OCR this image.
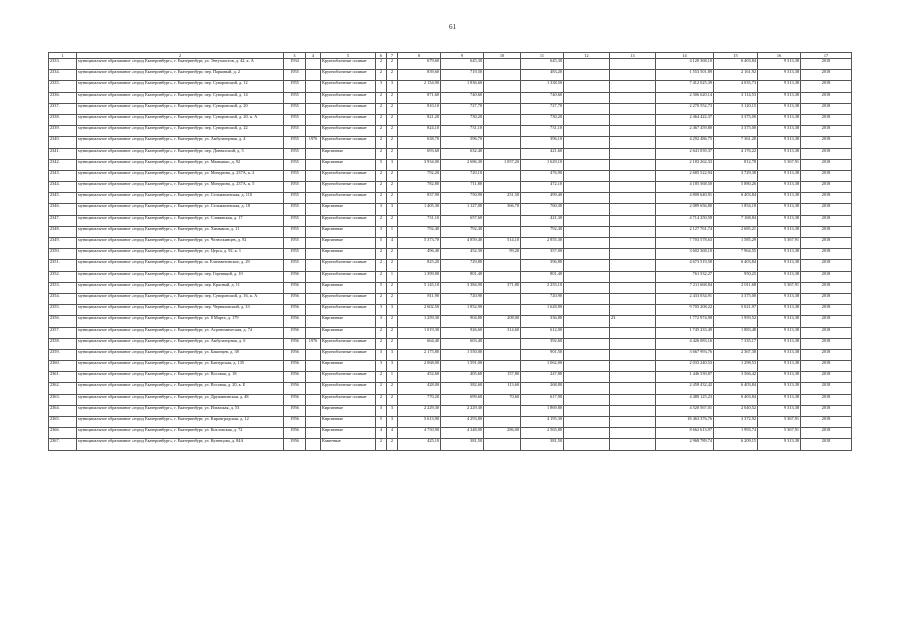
61
1	2	3	4	5	6	7	8	9	10	11	12	13	14	15	16	17
2333.	муниципальное образование «город Екатеринбург», г. Екатеринбург, ул. Энтузиастов, д. 42, к. А	1934		Крупноблочные силикат	2	2	679,60	645,30		645,30			4 120 368,10	6 403,84	9 313,38	2018
2334.	муниципальное образование «город Екатеринбург», г. Екатеринбург, пер. Парковый, д. 2	1955		Крупноблочные силикат	2	2	839,60	719,50		483,20			1 553 501,89	2 161,92	9 313,38	2018
2335.	муниципальное образование «город Екатеринбург», г. Екатеринбург, пер. Суворовский, д. 12	1955		Крупноблочные силикат	3	3	2 154,90	1 836,60		1 338,50			7 412 025,39	4 035,73	9 313,38	2018
2336.	муниципальное образование «город Екатеринбург», г. Екатеринбург, пер. Суворовский, д. 14	1955		Крупноблочные силикат	2	2	871,60	740,60		740,60			2 306 620,14	3 114,53	9 313,38	2018
2337.	муниципальное образование «город Екатеринбург», г. Екатеринбург, пер. Суворовский, д. 20	1955		Крупноблочные силикат	2	2	810,10	727,70		727,70			2 270 552,73	3 120,15	9 313,38	2018
2338.	муниципальное образование «город Екатеринбург», г. Екатеринбург, пер. Суворовский, д. 20, к. А	1955		Крупноблочные силикат	2	2	821,20	730,20		730,20			2 464 422,37	3 375,00	9 313,38	2018
2339.	муниципальное образование «город Екатеринбург», г. Екатеринбург, пер. Суворовский, д. 22	1955		Крупноблочные силикат	2	2	824,10	731,10		731,10			2 467 459,80	3 375,00	9 313,38	2018
2340.	муниципальное образование «город Екатеринбург», г. Екатеринбург, ул. Амбулаторная, д. 4	1955	1976	Крупноблочные силикат	2	2	638,70	596,70		396,10			4 292 486,75	7 361,20	9 313,38	2018
2341.	муниципальное образование «город Екатеринбург», г. Екатеринбург, пер. Донвалский, д. 5	1955		Кирпичные	2	2	693,60	632,40		421,60			2 641 039,37	4 176,22	9 313,38	2018
2342.	муниципальное образование «город Екатеринбург», г. Екатеринбург, ул. Мамышко, д. 92	1955		Кирпичные	5	3	3 934,00	2 686,30	1 057,20	1 629,10			2 183 262,33	812,78	5 367,91	2018
2343.	муниципальное образование «город Екатеринбург», г. Екатеринбург, ул. Мичурина, д. 237А, к. 2	1955		Крупноблочные силикат	2	2	792,20	720,10		476,90			2 685 522,94	3 729,38	9 313,38	2018
2344.	муниципальное образование «город Екатеринбург», г. Екатеринбург, ул. Мичурина, д. 237А, к. 5	1955		Крупноблочные силикат	2	2	782,80	711,80		472,10			4 185 568,50	5 880,26	9 313,38	2018
2345.	муниципальное образование «город Екатеринбург», г. Екатеринбург, ул. Сельмашевская, д. 110	1955		Крупноблочные силикат	2	2	837,90	750,90	251,50	499,40			4 808 640,91	6 403,84	9 313,38	2018
2346.	муниципальное образование «город Екатеринбург», г. Екатеринбург, ул. Сельмашевская, д. 18	1955		Кирпичные	3	3	1 405,30	1 127,00	366,70	760,30			2 089 656,80	1 854,18	9 313,38	2018
2347.	муниципальное образование «город Екатеринбург», г. Екатеринбург, ул. Славянская, д. 17	1955		Крупноблочные силикат	2	2	731,10	657,60		421,30			4 714 250,58	7 168,84	9 313,38	2018
2348.	муниципальное образование «город Екатеринбург», г. Екатеринбург, ул. Химмаша, д. 11	1955		Кирпичные	3	1	792,40	792,40		792,40			2 127 761,74	2 685,21	9 313,38	2018
2349.	муниципальное образование «город Екатеринбург», г. Екатеринбург, ул. Челюскинцев, д. 92	1955		Кирпичные	5	4	5 373,70	4 859,40	514,10	2 855,30			7 703 578,63	1 585,29	5 367,91	2018
2350.	муниципальное образование «город Екатеринбург», г. Екатеринбург, ул. Церса, д. 92, к. 1	1955		Кирпичные	2	2	496,40	452,30	99,20	357,00			3 602 368,10	7 964,55	9 313,38	2018
2351.	муниципальное образование «город Екатеринбург», г. Екатеринбург, ш. Елизаветинское, д. 29	1955		Крупноблочные силикат	2	2	825,20	729,80		396,80			4 673 519,58	6 403,84	9 313,38	2018
2352.	муниципальное образование «город Екатеринбург», г. Екатеринбург, пер. Горнищий, д. 10	1956		Крупноблочные силикат	2	1	1 399,00	801,40		801,40			761 532,27	950,25	9 313,38	2018
2353.	муниципальное образование «город Екатеринбург», г. Екатеринбург, пер. Красный, д. 11	1956		Кирпичные	5	2	5 145,10	3 384,90	371,80	2 255,10			7 211 668,84	2 011,68	5 367,91	2018
2354.	муниципальное образование «город Екатеринбург», г. Екатеринбург, пер. Суворовский, д. 16, к. А	1956		Крупноблочные силикат	2	2	811,90	720,90		720,90			2 433 034,91	3 375,00	9 313,38	2018
2355.	муниципальное образование «город Екатеринбург», г. Екатеринбург, пер. Черняховский, д. 33	1956		Крупноблочные силикат	3	3	2 602,50	1 852,90		1 628,80			9 705 208,22	5 021,97	9 313,38	2018
2356.	муниципальное образование «город Екатеринбург», г. Екатеринбург, ул. 8 Марта, д. 179	1956		Кирпичные	3	2	1 259,30	904,80	208,00	336,80		23	1 772 974,98	1 959,52	9 313,38	2018
2357.	муниципальное образование «город Екатеринбург», г. Екатеринбург, ул. Агрономическая, д. 74	1956		Кирпичные	2	2	1 019,30	926,60	314,60	612,00			1 745 233,49	1 883,48	9 313,38	2018
2358.	муниципальное образование «город Екатеринбург», г. Екатеринбург, ул. Амбулаторная, д. 6	1956	1976	Крупноблочные силикат	2	2	664,40	603,40		392,60			4 426 083,16	7 335,17	9 313,38	2018
2359.	муниципальное образование «город Екатеринбург», г. Екатеринбург, ул. Бакинцев, д. 38	1956		Крупноблочные силикат	3	3	2 175,80	1 550,00		901,50			3 667 993,76	2 367,38	9 313,38	2018
2360.	муниципальное образование «город Екатеринбург», г. Екатеринбург, ул. Банзурская, д. 135	1956		Кирпичные	3	3	2 068,00	1 591,00		1 062,00			2 033 240,53	1 298,53	9 313,38	2018
2361.	муниципальное образование «город Екатеринбург», г. Екатеринбург, ул. Восовая, д. 18	1956		Крупноблочные силикат	2	1	452,60	405,60	157,80	247,80			1 446 539,87	3 566,42	9 313,38	2018
2362.	муниципальное образование «город Екатеринбург», г. Екатеринбург, ул. Восовая, д. 20, к. Б	1956		Крупноблочные силикат	2	2	428,00	382,60	113,60	268,80			2 458 432,42	6 403,84	9 313,38	2018
2363.	муниципальное образование «город Екатеринбург», г. Екатеринбург, ул. Дружининская, д. 48	1956		Крупноблочные силикат	2	2	770,20	699,60	70,60	617,90			4 480 125,23	6 403,84	9 313,38	2018
2364.	муниципальное образование «город Екатеринбург», г. Екатеринбург, ул. Ильмская, д. 53	1956		Кирпичные	3	3	2 229,30	2 229,30		1 869,80			4 520 567,01	2 040,52	9 313,38	2018
2365.	муниципальное образование «город Екатеринбург», г. Екатеринбург, ул. Кировградская, д. 12	1956		Кирпичные	5	3	5 613,90	4 293,80		4 195,30			18 463 376,76	3 372,92	5 367,91	2018
2366.	муниципальное образование «город Екатеринбург», г. Екатеринбург, ул. Кохловская, д. 72	1956		Кирпичные	4	4	4 750,90	4 348,00	286,00	2 565,80			8 662 613,97	1 993,74	5 367,91	2018
2367.	муниципальное образование «город Екатеринбург», г. Екатеринбург, ул. Кузнецова, д. 84А	1956		Каменные	2	2	425,10	381,50		381,50			2 968 789,74	6 209,15	9 313,38	2018
